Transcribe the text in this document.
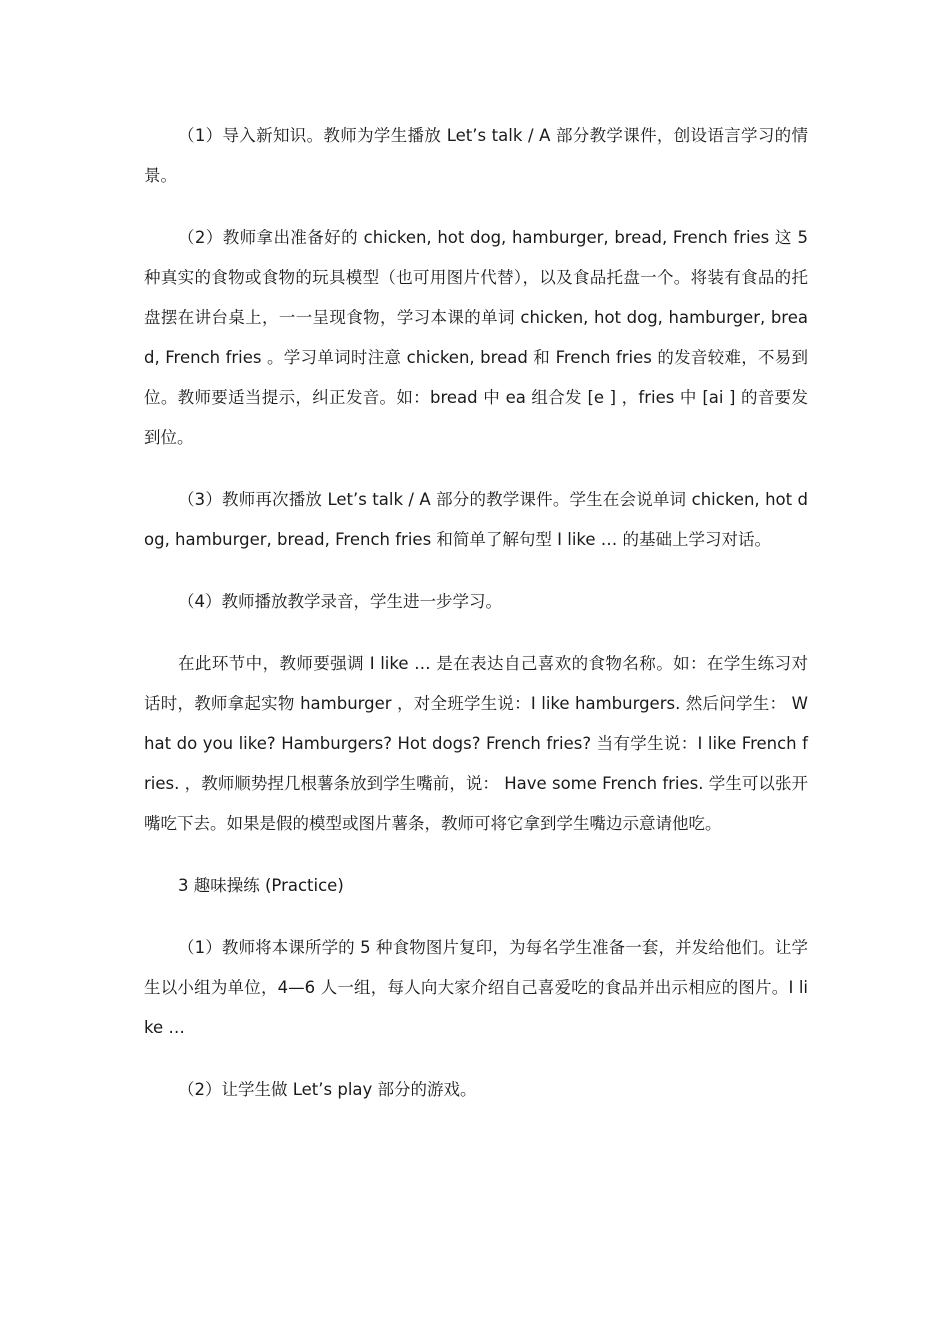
（1）导入新知识。教师为学生播放 Let’s talk / A 部分教学课件，创设语言学习的情景。

（2）教师拿出准备好的 chicken, hot dog, hamburger, bread, French fries 这 5 种真实的食物或食物的玩具模型（也可用图片代替），以及食品托盘一个。将装有食品的托盘摆在讲台桌上，一一呈现食物，学习本课的单词 chicken, hot dog, hamburger, bread, French fries 。学习单词时注意 chicken, bread 和 French fries 的发音较难，不易到位。教师要适当提示，纠正发音。如：bread 中 ea 组合发 [e ] ，fries 中 [ai ] 的音要发到位。

（3）教师再次播放 Let’s talk / A 部分的教学课件。学生在会说单词 chicken, hot dog, hamburger, bread, French fries 和简单了解句型 I like … 的基础上学习对话。

（4）教师播放教学录音，学生进一步学习。

在此环节中，教师要强调 I like … 是在表达自己喜欢的食物名称。如：在学生练习对话时，教师拿起实物 hamburger ，对全班学生说：I like hamburgers. 然后问学生： What do you like? Hamburgers? Hot dogs? French fries? 当有学生说：I like French fries. ，教师顺势捏几根薯条放到学生嘴前，说： Have some French fries. 学生可以张开嘴吃下去。如果是假的模型或图片薯条，教师可将它拿到学生嘴边示意请他吃。

3 趣味操练 (Practice)

（1）教师将本课所学的 5 种食物图片复印，为每名学生准备一套，并发给他们。让学生以小组为单位，4—6 人一组，每人向大家介绍自己喜爱吃的食品并出示相应的图片。I like …

（2）让学生做 Let’s play 部分的游戏。
